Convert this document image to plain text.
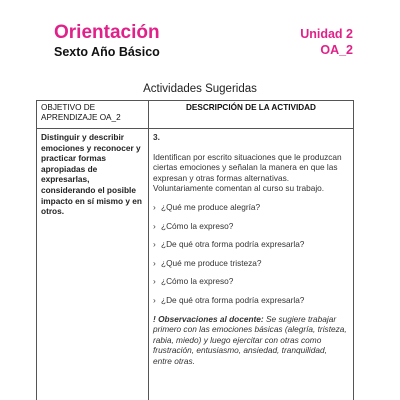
Orientación
Sexto Año Básico
Unidad 2
OA_2
Actividades Sugeridas
OBJETIVO DE APRENDIZAJE OA_2
DESCRIPCIÓN DE LA ACTIVIDAD
Distinguir y describir emociones y reconocer y practicar formas apropiadas de expresarlas, considerando el posible impacto en sí mismo y en otros.

3.

Identifican por escrito situaciones que le produzcan ciertas emociones y señalan la manera en que las expresan y otras formas alternativas. Voluntariamente comentan al curso su trabajo.

› ¿Qué me produce alegría?

› ¿Cómo la expreso?

› ¿De qué otra forma podría expresarla?

› ¿Qué me produce tristeza?

› ¿Cómo la expreso?

› ¿De qué otra forma podría expresarla?

! Observaciones al docente: Se sugiere trabajar primero con las emociones básicas (alegría, tristeza, rabia, miedo) y luego ejercitar con otras como frustración, entusiasmo, ansiedad, tranquilidad, entre otras.
